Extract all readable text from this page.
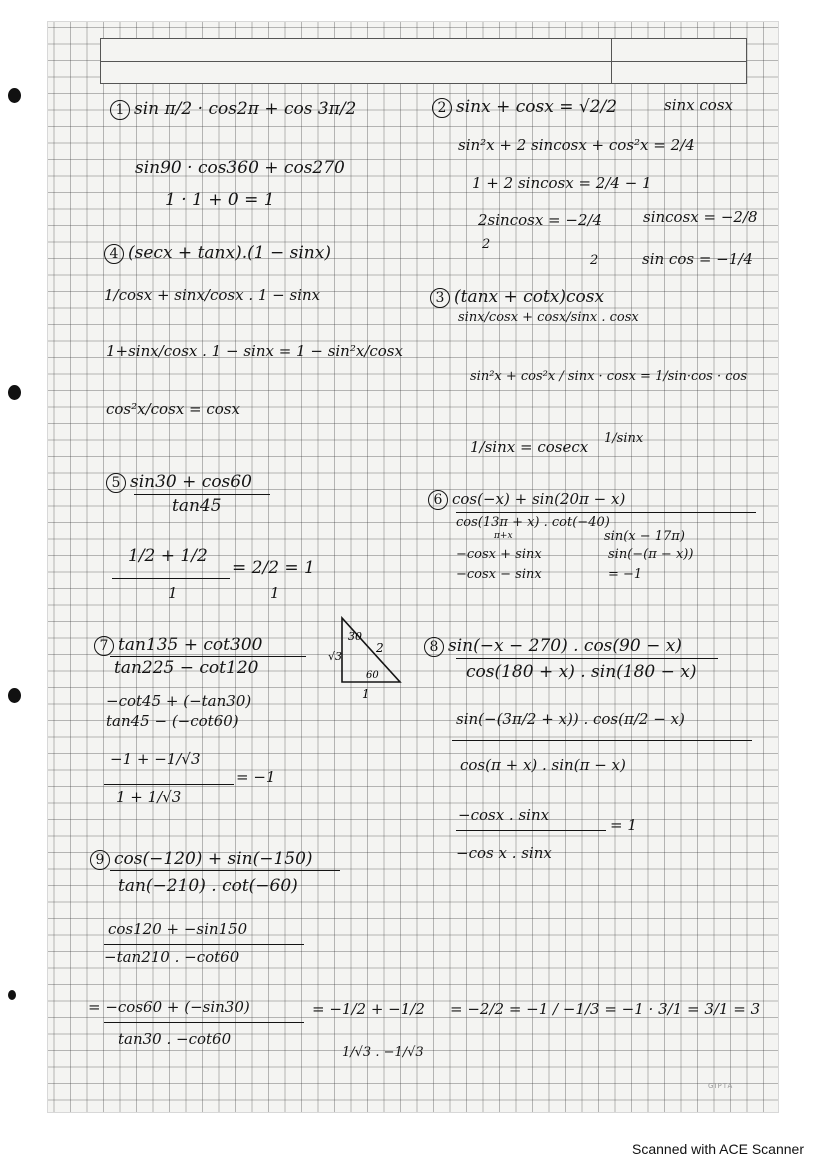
1 sin π/2 · cos2π + cos 3π/2
sin90 · cos360 + cos270
1 · 1 + 0 = 1
2 sinx + cosx = √2/2	sinx cosx
sin²x + 2 sincosx + cos²x = 2/4
1 + 2 sincosx = 2/4 − 1
2sincosx = −2/4	sincosx = −2/8
2
2	sin cos = −1/4
4 (secx + tanx).(1 − sinx)
1/cosx + sinx/cosx . 1 − sinx
1+sinx/cosx . 1 − sinx = 1 − sin²x/cosx
cos²x/cosx = cosx
3 (tanx + cotx)cosx
sinx/cosx + cosx/sinx . cosx
sin²x + cos²x / sinx · cosx = 1/sin·cos · cos
1/sinx = cosecx 1/sinx
5 sin30 + cos60
tan45
1/2 + 1/2
= 2/2 = 1
1	1
6 cos(−x) + sin(20π − x)
cos(13π + x) . cot(−40)
π+x	sin(x − 17π)
−cosx + sinx	sin(−(π − x))
−cosx − sinx	= −1
7 tan135 + cot300
tan225 − cot120
−cot45 + (−tan30)
tan45 − (−cot60)
−1 + −1/√3
= −1
1 + 1/√3
30
2
√3
60
1
8 sin(−x − 270) . cos(90 − x)
cos(180 + x) . sin(180 − x)
sin(−(3π/2 + x)) . cos(π/2 − x)
cos(π + x) . sin(π − x)
−cosx . sinx
= 1
−cos x . sinx
9 cos(−120) + sin(−150)
tan(−210) . cot(−60)
cos120 + −sin150
−tan210 . −cot60
= −cos60 + (−sin30)
tan30 . −cot60
= −1/2 + −1/2
1/√3 . −1/√3
= −2/2 = −1 / −1/3 = −1 · 3/1 = 3/1 = 3
GIPTA
Scanned with ACE Scanner
